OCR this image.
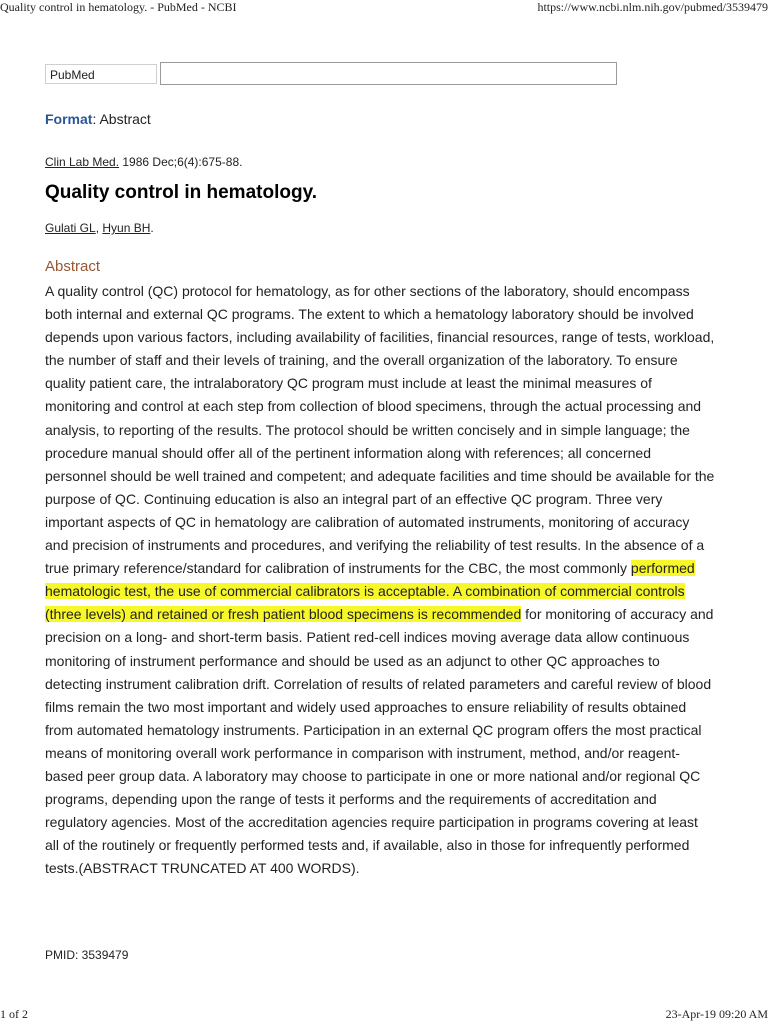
Quality control in hematology. - PubMed - NCBI	https://www.ncbi.nlm.nih.gov/pubmed/3539479
PubMed
Format: Abstract
Clin Lab Med. 1986 Dec;6(4):675-88.
Quality control in hematology.
Gulati GL, Hyun BH.
Abstract

A quality control (QC) protocol for hematology, as for other sections of the laboratory, should encompass both internal and external QC programs. The extent to which a hematology laboratory should be involved depends upon various factors, including availability of facilities, financial resources, range of tests, workload, the number of staff and their levels of training, and the overall organization of the laboratory. To ensure quality patient care, the intralaboratory QC program must include at least the minimal measures of monitoring and control at each step from collection of blood specimens, through the actual processing and analysis, to reporting of the results. The protocol should be written concisely and in simple language; the procedure manual should offer all of the pertinent information along with references; all concerned personnel should be well trained and competent; and adequate facilities and time should be available for the purpose of QC. Continuing education is also an integral part of an effective QC program. Three very important aspects of QC in hematology are calibration of automated instruments, monitoring of accuracy and precision of instruments and procedures, and verifying the reliability of test results. In the absence of a true primary reference/standard for calibration of instruments for the CBC, the most commonly performed hematologic test, the use of commercial calibrators is acceptable. A combination of commercial controls (three levels) and retained or fresh patient blood specimens is recommended for monitoring of accuracy and precision on a long- and short-term basis. Patient red-cell indices moving average data allow continuous monitoring of instrument performance and should be used as an adjunct to other QC approaches to detecting instrument calibration drift. Correlation of results of related parameters and careful review of blood films remain the two most important and widely used approaches to ensure reliability of results obtained from automated hematology instruments. Participation in an external QC program offers the most practical means of monitoring overall work performance in comparison with instrument, method, and/or reagent-based peer group data. A laboratory may choose to participate in one or more national and/or regional QC programs, depending upon the range of tests it performs and the requirements of accreditation and regulatory agencies. Most of the accreditation agencies require participation in programs covering at least all of the routinely or frequently performed tests and, if available, also in those for infrequently performed tests.(ABSTRACT TRUNCATED AT 400 WORDS).

PMID: 3539479
1 of 2	23-Apr-19 09:20 AM
